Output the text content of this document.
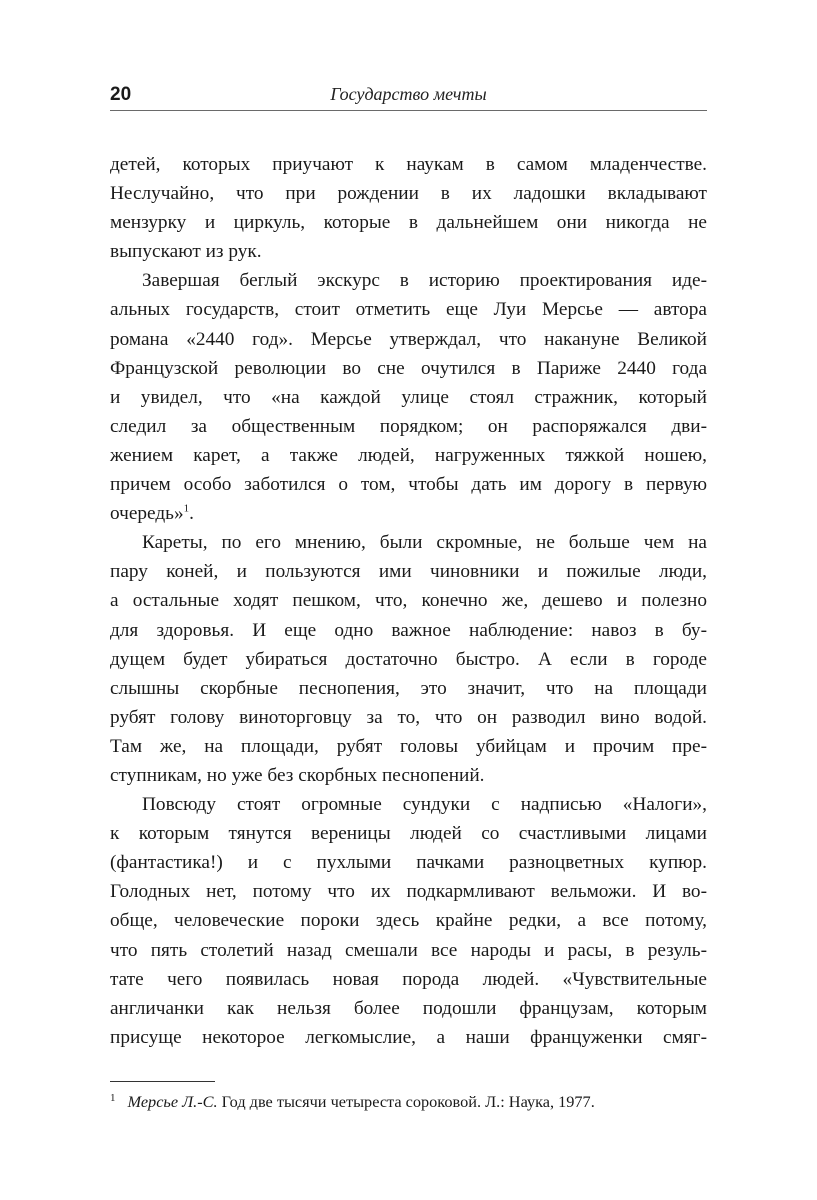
20	Государство мечты

детей, которых приучают к наукам в самом младенчестве.
Неслучайно, что при рождении в их ладошки вкладывают
мензурку и циркуль, которые в дальнейшем они никогда не
выпускают из рук.

Завершая беглый экскурс в историю проектирования иде-
альных государств, стоит отметить еще Луи Мерсье — автора
романа «2440 год». Мерсье утверждал, что накануне Великой
Французской революции во сне очутился в Париже 2440 года
и увидел, что «на каждой улице стоял стражник, который
следил за общественным порядком; он распоряжался дви-
жением карет, а также людей, нагруженных тяжкой ношею,
причем особо заботился о том, чтобы дать им дорогу в первую
очередь»$^1$.

Кареты, по его мнению, были скромные, не больше чем на
пару коней, и пользуются ими чиновники и пожилые люди,
а остальные ходят пешком, что, конечно же, дешево и полезно
для здоровья. И еще одно важное наблюдение: навоз в бу-
дущем будет убираться достаточно быстро. А если в городе
слышны скорбные песнопения, это значит, что на площади
рубят голову виноторговцу за то, что он разводил вино водой.
Там же, на площади, рубят головы убийцам и прочим пре-
ступникам, но уже без скорбных песнопений.

Повсюду стоят огромные сундуки с надписью «Налоги»,
к которым тянутся вереницы людей со счастливыми лицами
(фантастика!) и с пухлыми пачками разноцветных купюр.
Голодных нет, потому что их подкармливают вельможи. И во-
обще, человеческие пороки здесь крайне редки, а все потому,
что пять столетий назад смешали все народы и расы, в резуль-
тате чего появилась новая порода людей. «Чувствительные
англичанки как нельзя более подошли французам, которым
присуще некоторое легкомыслие, а наши француженки смяг-

$^1$ Мерсье Л.-С. Год две тысячи четыреста сороковой. Л.: Наука, 1977.
